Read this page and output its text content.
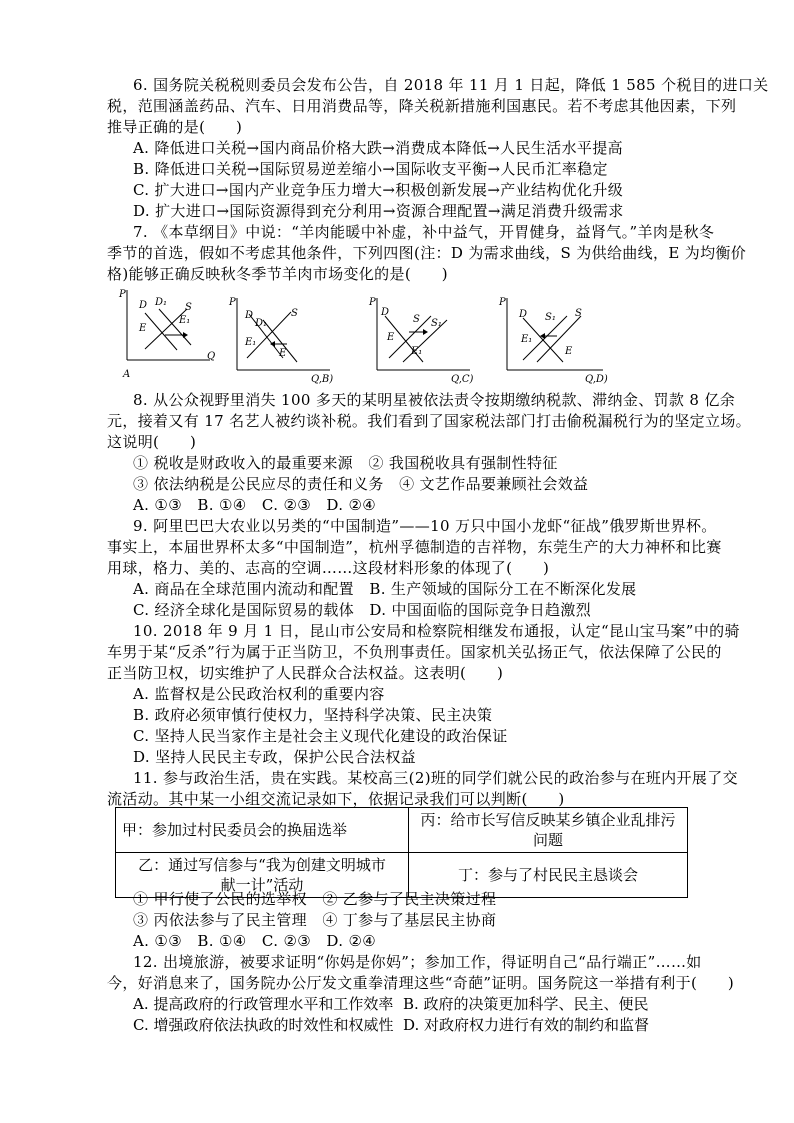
6. 国务院关税税则委员会发布公告，自 2018 年 11 月 1 日起，降低 1 585 个税目的进口关
税，范围涵盖药品、汽车、日用消费品等，降关税新措施利国惠民。若不考虑其他因素，下列
推导正确的是(　　)
A. 降低进口关税→国内商品价格大跌→消费成本降低→人民生活水平提高
B. 降低进口关税→国际贸易逆差缩小→国际收支平衡→人民币汇率稳定
C. 扩大进口→国内产业竞争压力增大→积极创新发展→产业结构优化升级
D. 扩大进口→国际资源得到充分利用→资源合理配置→满足消费升级需求
7. 《本草纲目》中说：“羊肉能暖中补虚，补中益气，开胃健身，益肾气。”羊肉是秋冬
季节的首选，假如不考虑其他条件，下列四图(注：D 为需求曲线，S 为供给曲线，E 为均衡价
格)能够正确反映秋冬季节羊肉市场变化的是(　　)
P
Q
D D₁ S
E
E₁
A
P
D
D₁
S
E₁
E
Q,B)
P
D
S S₁
E
E₁
Q,C)
P
D S₁ S
E₁
E
Q,D)
8. 从公众视野里消失 100 多天的某明星被依法责令按期缴纳税款、滞纳金、罚款 8 亿余
元，接着又有 17 名艺人被约谈补税。我们看到了国家税法部门打击偷税漏税行为的坚定立场。
这说明(　　)
① 税收是财政收入的最重要来源　② 我国税收具有强制性特征
③ 依法纳税是公民应尽的责任和义务　④ 文艺作品要兼顾社会效益
A. ①③　B. ①④　C. ②③　D. ②④
9. 阿里巴巴大农业以另类的“中国制造”——10 万只中国小龙虾“征战”俄罗斯世界杯。
事实上，本届世界杯太多“中国制造”，杭州孚德制造的吉祥物，东莞生产的大力神杯和比赛
用球，格力、美的、志高的空调……这段材料形象的体现了(　　)
A. 商品在全球范围内流动和配置　B. 生产领域的国际分工在不断深化发展
C. 经济全球化是国际贸易的载体　D. 中国面临的国际竞争日趋激烈
10. 2018 年 9 月 1 日，昆山市公安局和检察院相继发布通报，认定“昆山宝马案”中的骑
车男于某“反杀”行为属于正当防卫，不负刑事责任。国家机关弘扬正气，依法保障了公民的
正当防卫权，切实维护了人民群众合法权益。这表明(　　)
A. 监督权是公民政治权利的重要内容
B. 政府必须审慎行使权力，坚持科学决策、民主决策
C. 坚持人民当家作主是社会主义现代化建设的政治保证
D. 坚持人民民主专政，保护公民合法权益
11. 参与政治生活，贵在实践。某校高三(2)班的同学们就公民的政治参与在班内开展了交
流活动。其中某一小组交流记录如下，依据记录我们可以判断(　　)
甲：参加过村民委员会的换届选举	丙：给市长写信反映某乡镇企业乱排污
问题
乙：通过写信参与“我为创建文明城市
献一计”活动	丁：参与了村民民主恳谈会
① 甲行使了公民的选举权　② 乙参与了民主决策过程
③ 丙依法参与了民主管理　④ 丁参与了基层民主协商
A. ①③　B. ①④　C. ②③　D. ②④
12. 出境旅游，被要求证明“你妈是你妈”；参加工作，得证明自己“品行端正”……如
今，好消息来了，国务院办公厅发文重拳清理这些“奇葩”证明。国务院这一举措有利于(　　)
A. 提高政府的行政管理水平和工作效率 B. 政府的决策更加科学、民主、便民
C. 增强政府依法执政的时效性和权威性 D. 对政府权力进行有效的制约和监督
